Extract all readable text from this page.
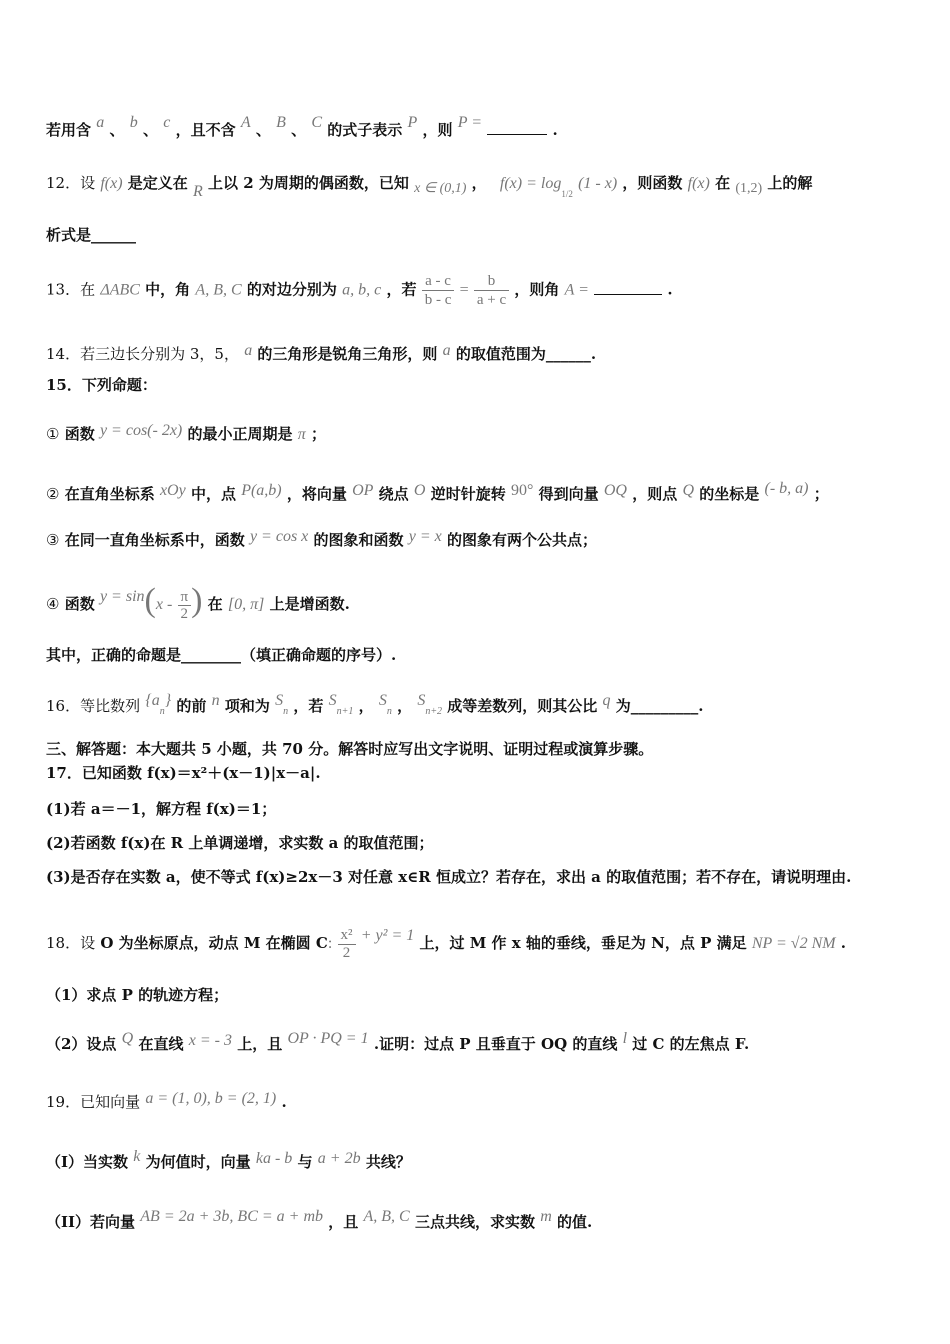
若用含 a 、 b 、 c ，且不含 A 、 B 、 C 的式子表示 P ，则 P =	.
12．设 f(x) 是定义在 R 上以 2 为周期的偶函数，已知 x ∈ (0,1) ， $f(x) = \log_{1/2} (1 - x)$ ，则函数 f(x) 在 (1,2) 上的解
析式是______
13．在 ΔABC 中，角 A, B, C 的对边分别为 a, b, c ，若 $\frac{a - c}{b - c} = \frac{b}{a + c}$ ，则角 A =	.
14．若三边长分别为 3，5， a 的三角形是锐角三角形，则 a 的取值范围为______.
15．下列命题：
① 函数 y = cos(- 2x) 的最小正周期是 π ；
② 在直角坐标系 xOy 中，点 P(a,b) ，将向量 OP 绕点 O 逆时针旋转 90° 得到向量 OQ ，则点 Q 的坐标是 (- b, a) ；
③ 在同一直角坐标系中，函数 y = cos x 的图象和函数 y = x 的图象有两个公共点；
④ 函数 $y = \sin(x - \frac{\pi}{2}$ ) 在 [0, π] 上是增函数.
其中，正确的命题是________（填正确命题的序号）.
16．等比数列 $\{a_n\}$ 的前 n 项和为 $S_n$ ，若 $S_{n+1}$ ， $S_n$ ， $S_{n+2}$ 成等差数列，则其公比 q 为_________.
三、解答题：本大题共 5 小题，共 70 分。解答时应写出文字说明、证明过程或演算步骤。
17．已知函数 f(x)＝x²＋(x－1)|x－a|.
(1)若 a＝－1，解方程 f(x)＝1；
(2)若函数 f(x)在 R 上单调递增，求实数 a 的取值范围；
(3)是否存在实数 a，使不等式 f(x)≥2x－3 对任意 x∈R 恒成立？若存在，求出 a 的取值范围；若不存在，请说明理由.
18．设 O 为坐标原点，动点 M 在椭圆 C: $\frac{\text{x²}}{2} + y^2 = 1$ 上，过 M 作 x 轴的垂线，垂足为 N，点 P 满足 NP = √2 NM .
（1）求点 P 的轨迹方程；
（2）设点 Q 在直线 x = - 3 上，且 OP · PQ = 1 .证明：过点 P 且垂直于 OQ 的直线 l 过 C 的左焦点 F.
19．已知向量 a = (1, 0), b = (2, 1) .
（I）当实数 k 为何值时，向量 ka - b 与 a + 2b 共线？
（II）若向量 AB = 2a + 3b, BC = a + mb ，且 A, B, C 三点共线，求实数 m 的值.
